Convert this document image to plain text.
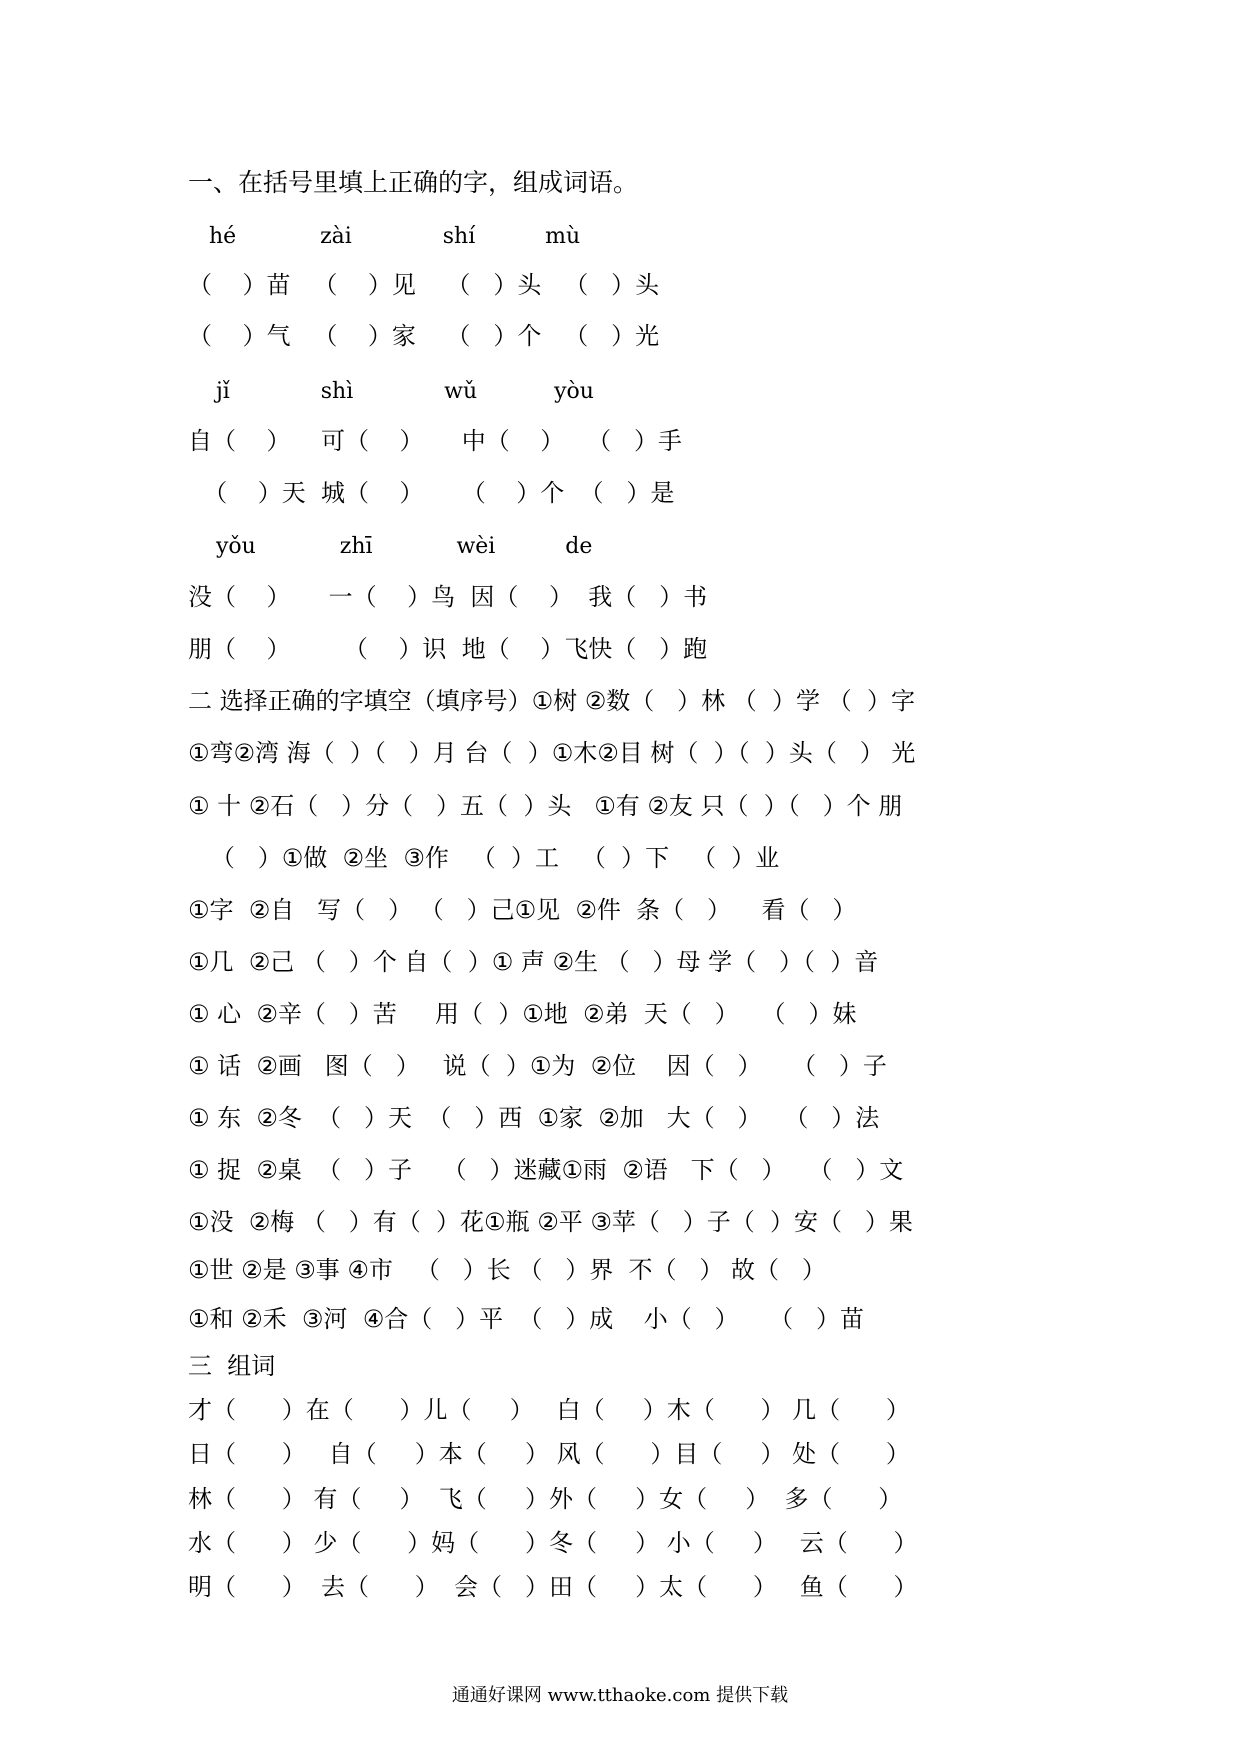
一、在括号里填上正确的字，组成词语。
hé            zài             shí          mù
（    ）苗   （    ）见    （   ）头   （   ）头
（    ）气   （    ）家    （   ）个   （   ）光
jǐ             shì             wǔ           yòu
自（    ）    可（    ）     中（    ）   （   ）手
（    ）天  城（    ）     （    ）个  （   ）是
yǒu            zhī            wèi          de
没（    ）     一（    ）鸟  因（    ）  我（   ）书
朋（    ）       （    ）识  地（    ）飞快（   ）跑
二 选择正确的字填空（填序号）①树 ②数（   ）林 （  ）学 （  ）字
①弯②湾 海（  ）（   ）月 台（  ）①木②目 树（  ）（  ）头（   ） 光
① 十 ②石（   ）分（   ）五（  ）头   ①有 ②友 只（  ）（   ）个 朋
（   ）①做  ②坐  ③作   （  ）工   （  ）下   （  ）业
①字  ②自   写（   ） （   ）己①见  ②件  条（   ）    看（   ）
①几  ②己 （   ）个 自（  ）① 声 ②生 （   ）母 学（   ）（  ）音
① 心  ②辛（   ）苦     用（  ）①地  ②弟  天（   ）   （   ）妹
① 话  ②画   图（   ）   说（  ）①为  ②位    因（   ）    （   ）子
① 东  ②冬  （   ）天  （   ）西  ①家  ②加   大（   ）   （   ）法
① 捉  ②桌  （   ）子    （   ）迷藏①雨  ②语   下（   ）   （   ）文
①没  ②梅 （   ）有（  ）花①瓶 ②平 ③苹（   ）子（  ）安（   ）果
①世 ②是 ③事 ④市   （   ）长 （   ）界  不（   ） 故（   ）
①和 ②禾  ③河  ④合（   ）平  （   ）成    小（   ）    （   ）苗
三  组词
才（      ）在（      ）儿（     ）   白（     ）木（      ） 几（      ）
日（      ）   自（     ）本（     ） 风（      ）目（     ） 处（      ）
林（      ） 有（     ）  飞（     ）外（     ）女（     ）  多（      ）
水（      ） 少（      ）妈（      ）冬（     ） 小（     ）   云（      ）
明（      ）  去（      ）  会（   ）田（     ）太（      ）   鱼（      ）
通通好课网 www.tthaoke.com 提供下载
